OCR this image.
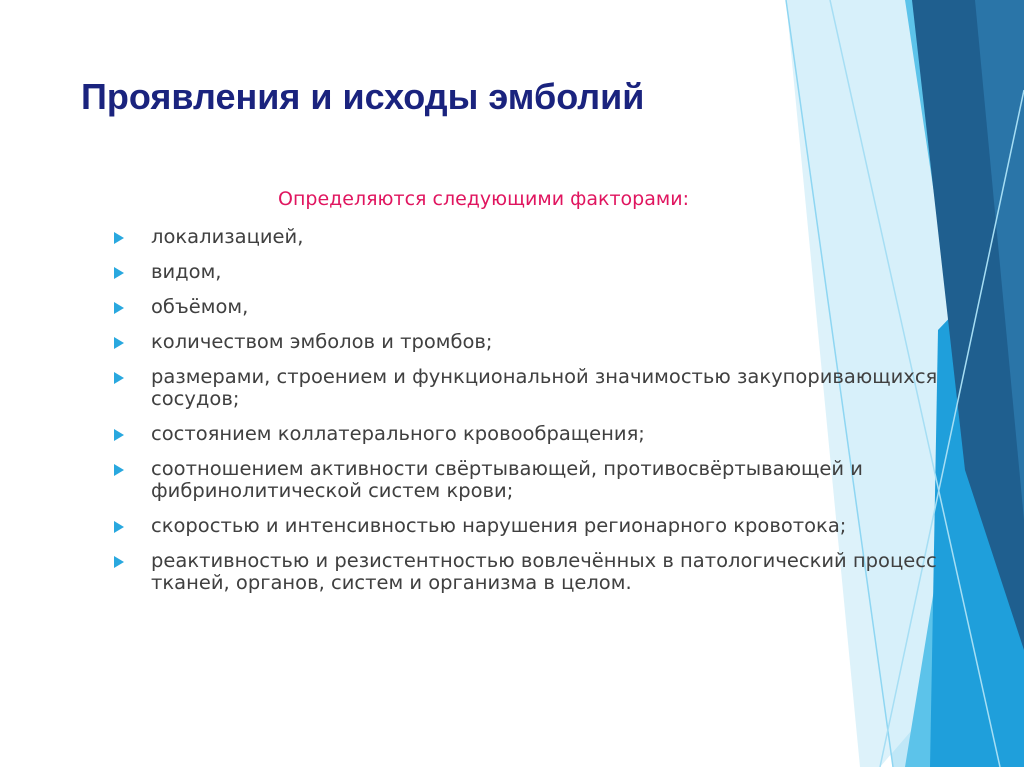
Проявления и исходы эмболий
Определяются следующими факторами:
локализацией,
видом,
объёмом,
количеством эмболов и тромбов;
размерами, строением и функциональной значимостью закупоривающихся сосудов;
состоянием коллатерального кровообращения;
соотношением активности свёртывающей, противосвёртывающей и фибринолитической систем крови;
скоростью и интенсивностью нарушения регионарного кровотока;
реактивностью и резистентностью вовлечённых в патологический процесс тканей, органов, систем и организма в целом.
